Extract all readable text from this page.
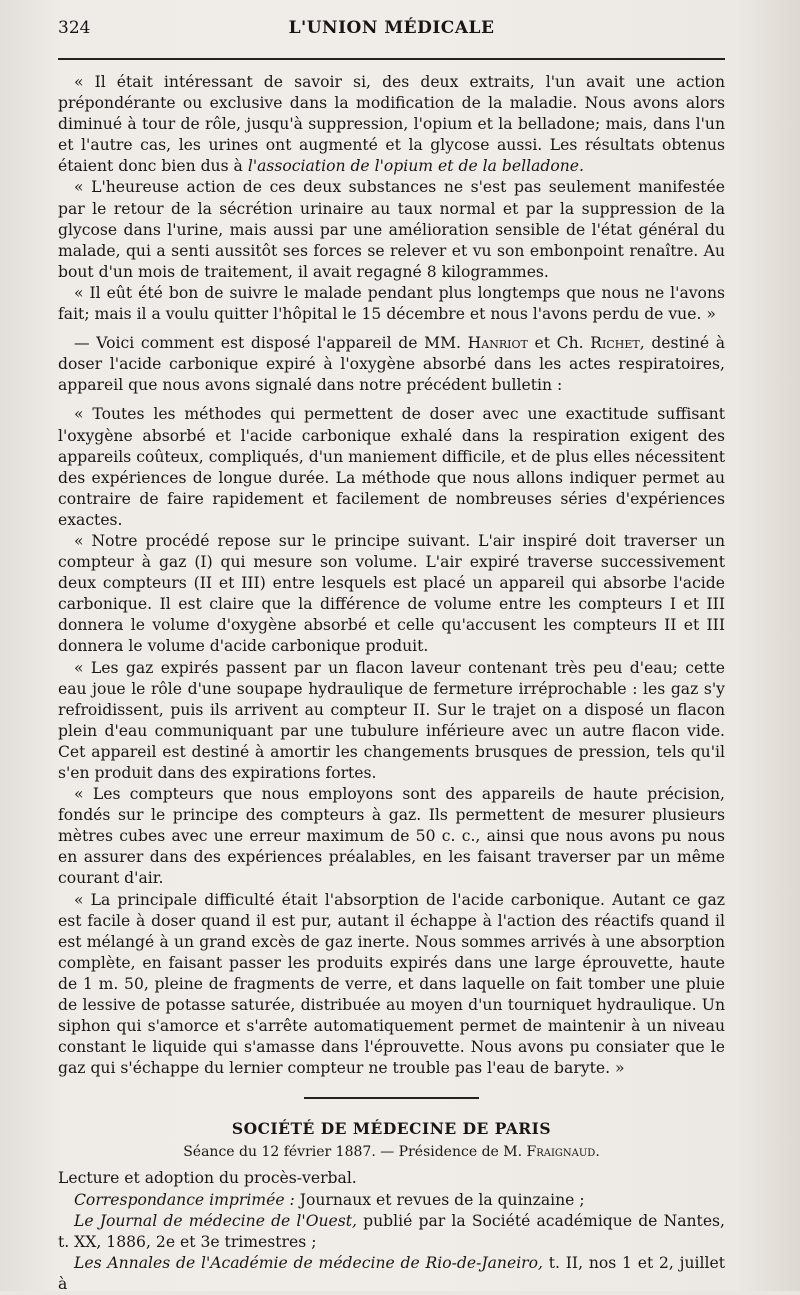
324	L'UNION MÉDICALE

« Il était intéressant de savoir si, des deux extraits, l'un avait une action prépondérante ou exclusive dans la modification de la maladie. Nous avons alors diminué à tour de rôle, jusqu'à suppression, l'opium et la belladone; mais, dans l'un et l'autre cas, les urines ont augmenté et la glycose aussi. Les résultats obtenus étaient donc bien dus à l'association de l'opium et de la belladone.

« L'heureuse action de ces deux substances ne s'est pas seulement manifestée par le retour de la sécrétion urinaire au taux normal et par la suppression de la glycose dans l'urine, mais aussi par une amélioration sensible de l'état général du malade, qui a senti aussitôt ses forces se relever et vu son embonpoint renaître. Au bout d'un mois de traitement, il avait regagné 8 kilogrammes.

« Il eût été bon de suivre le malade pendant plus longtemps que nous ne l'avons fait; mais il a voulu quitter l'hôpital le 15 décembre et nous l'avons perdu de vue. »

— Voici comment est disposé l'appareil de MM. Hanriot et Ch. Richet, destiné à doser l'acide carbonique expiré à l'oxygène absorbé dans les actes respiratoires, appareil que nous avons signalé dans notre précédent bulletin :

« Toutes les méthodes qui permettent de doser avec une exactitude suffisant l'oxygène absorbé et l'acide carbonique exhalé dans la respiration exigent des appareils coûteux, compliqués, d'un maniement difficile, et de plus elles nécessitent des expériences de longue durée. La méthode que nous allons indiquer permet au contraire de faire rapidement et facilement de nombreuses séries d'expériences exactes.

« Notre procédé repose sur le principe suivant. L'air inspiré doit traverser un compteur à gaz (I) qui mesure son volume. L'air expiré traverse successivement deux compteurs (II et III) entre lesquels est placé un appareil qui absorbe l'acide carbonique. Il est claire que la différence de volume entre les compteurs I et III donnera le volume d'oxygène absorbé et celle qu'accusent les compteurs II et III donnera le volume d'acide carbonique produit.

« Les gaz expirés passent par un flacon laveur contenant très peu d'eau; cette eau joue le rôle d'une soupape hydraulique de fermeture irréprochable : les gaz s'y refroidissent, puis ils arrivent au compteur II. Sur le trajet on a disposé un flacon plein d'eau communiquant par une tubulure inférieure avec un autre flacon vide. Cet appareil est destiné à amortir les changements brusques de pression, tels qu'il s'en produit dans des expirations fortes.

« Les compteurs que nous employons sont des appareils de haute précision, fondés sur le principe des compteurs à gaz. Ils permettent de mesurer plusieurs mètres cubes avec une erreur maximum de 50 c. c., ainsi que nous avons pu nous en assurer dans des expériences préalables, en les faisant traverser par un même courant d'air.

« La principale difficulté était l'absorption de l'acide carbonique. Autant ce gaz est facile à doser quand il est pur, autant il échappe à l'action des réactifs quand il est mélangé à un grand excès de gaz inerte. Nous sommes arrivés à une absorption complète, en faisant passer les produits expirés dans une large éprouvette, haute de 1 m. 50, pleine de fragments de verre, et dans laquelle on fait tomber une pluie de lessive de potasse saturée, distribuée au moyen d'un tourniquet hydraulique. Un siphon qui s'amorce et s'arrête automatiquement permet de maintenir à un niveau constant le liquide qui s'amasse dans l'éprouvette. Nous avons pu consiater que le gaz qui s'échappe du lernier compteur ne trouble pas l'eau de baryte. »

SOCIÉTÉ DE MÉDECINE DE PARIS

Séance du 12 février 1887. — Présidence de M. Fraignaud.

Lecture et adoption du procès-verbal.

Correspondance imprimée : Journaux et revues de la quinzaine ;

Le Journal de médecine de l'Ouest, publié par la Société académique de Nantes, t. XX, 1886, 2e et 3e trimestres ;

Les Annales de l'Académie de médecine de Rio-de-Janeiro, t. II, nos 1 et 2, juillet à
